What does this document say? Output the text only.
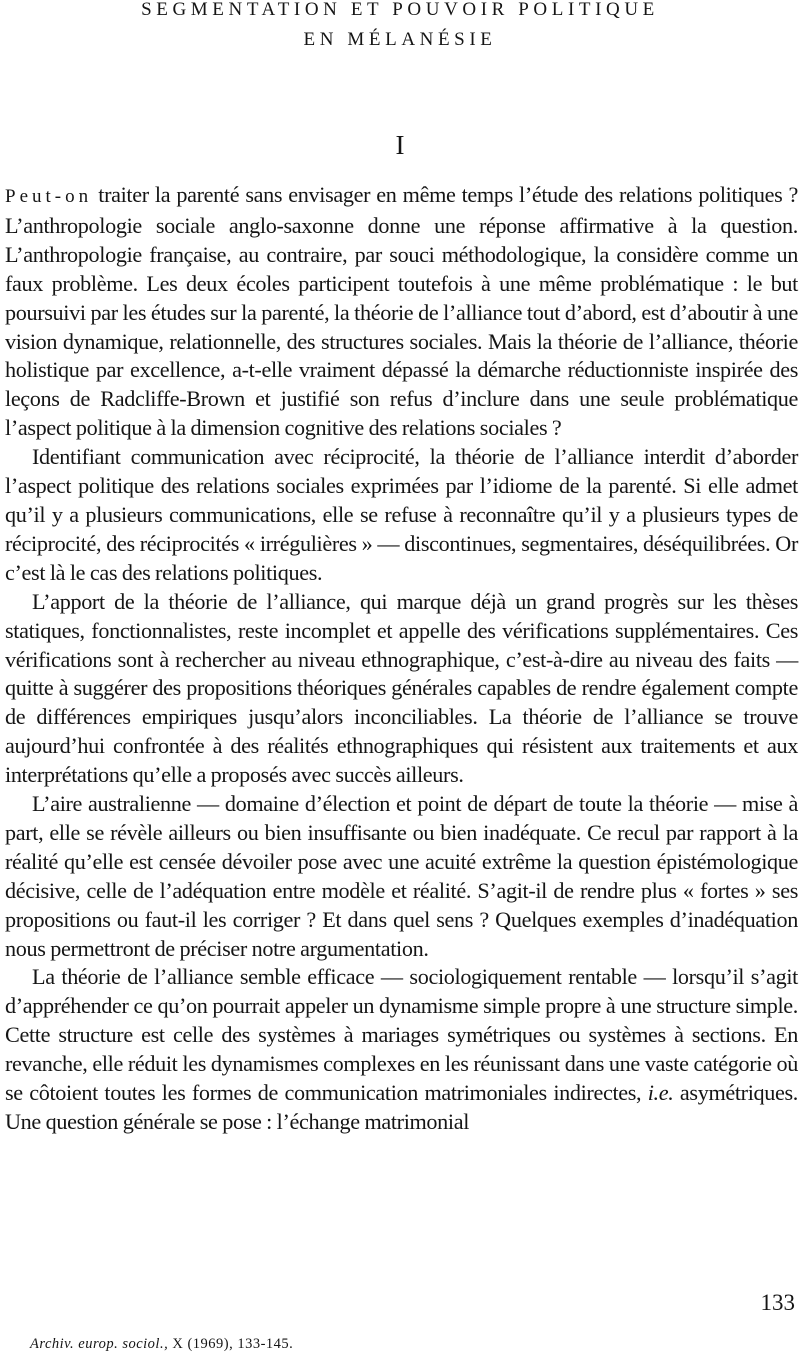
SEGMENTATION ET POUVOIR POLITIQUE
EN MÉLANÉSIE
I

Peut-on traiter la parenté sans envisager en même temps l’étude des relations politiques ? L’anthropologie sociale anglo-saxonne donne une réponse affirmative à la question. L’anthropologie française, au contraire, par souci méthodologique, la considère comme un faux problème. Les deux écoles participent toutefois à une même problématique : le but poursuivi par les études sur la parenté, la théorie de l’alliance tout d’abord, est d’aboutir à une vision dynamique, relationnelle, des structures sociales. Mais la théorie de l’alliance, théorie holistique par excellence, a-t-elle vraiment dépassé la démarche réductionniste inspirée des leçons de Radcliffe-Brown et justifié son refus d’inclure dans une seule problématique l’aspect politique à la dimension cognitive des relations sociales ?

Identifiant communication avec réciprocité, la théorie de l’alliance interdit d’aborder l’aspect politique des relations sociales exprimées par l’idiome de la parenté. Si elle admet qu’il y a plusieurs communications, elle se refuse à reconnaître qu’il y a plusieurs types de réciprocité, des réciprocités « irrégulières » — discontinues, segmentaires, déséquilibrées. Or c’est là le cas des relations politiques.

L’apport de la théorie de l’alliance, qui marque déjà un grand progrès sur les thèses statiques, fonctionnalistes, reste incomplet et appelle des vérifications supplémentaires. Ces vérifications sont à rechercher au niveau ethnographique, c’est-à-dire au niveau des faits — quitte à suggérer des propositions théoriques générales capables de rendre également compte de différences empiriques jusqu’alors inconciliables. La théorie de l’alliance se trouve aujourd’hui confrontée à des réalités ethnographiques qui résistent aux traitements et aux interprétations qu’elle a proposés avec succès ailleurs.

L’aire australienne — domaine d’élection et point de départ de toute la théorie — mise à part, elle se révèle ailleurs ou bien insuffisante ou bien inadéquate. Ce recul par rapport à la réalité qu’elle est censée dévoiler pose avec une acuité extrême la question épistémologique décisive, celle de l’adéquation entre modèle et réalité. S’agit-il de rendre plus « fortes » ses propositions ou faut-il les corriger ? Et dans quel sens ? Quelques exemples d’inadéquation nous permettront de préciser notre argumentation.

La théorie de l’alliance semble efficace — sociologiquement rentable — lorsqu’il s’agit d’appréhender ce qu’on pourrait appeler un dynamisme simple propre à une structure simple. Cette structure est celle des systèmes à mariages symétriques ou systèmes à sections. En revanche, elle réduit les dynamismes complexes en les réunissant dans une vaste catégorie où se côtoient toutes les formes de communication matrimoniales indirectes, i.e. asymétriques. Une question générale se pose : l’échange matrimonial

133
Archiv. europ. sociol., X (1969), 133-145.
